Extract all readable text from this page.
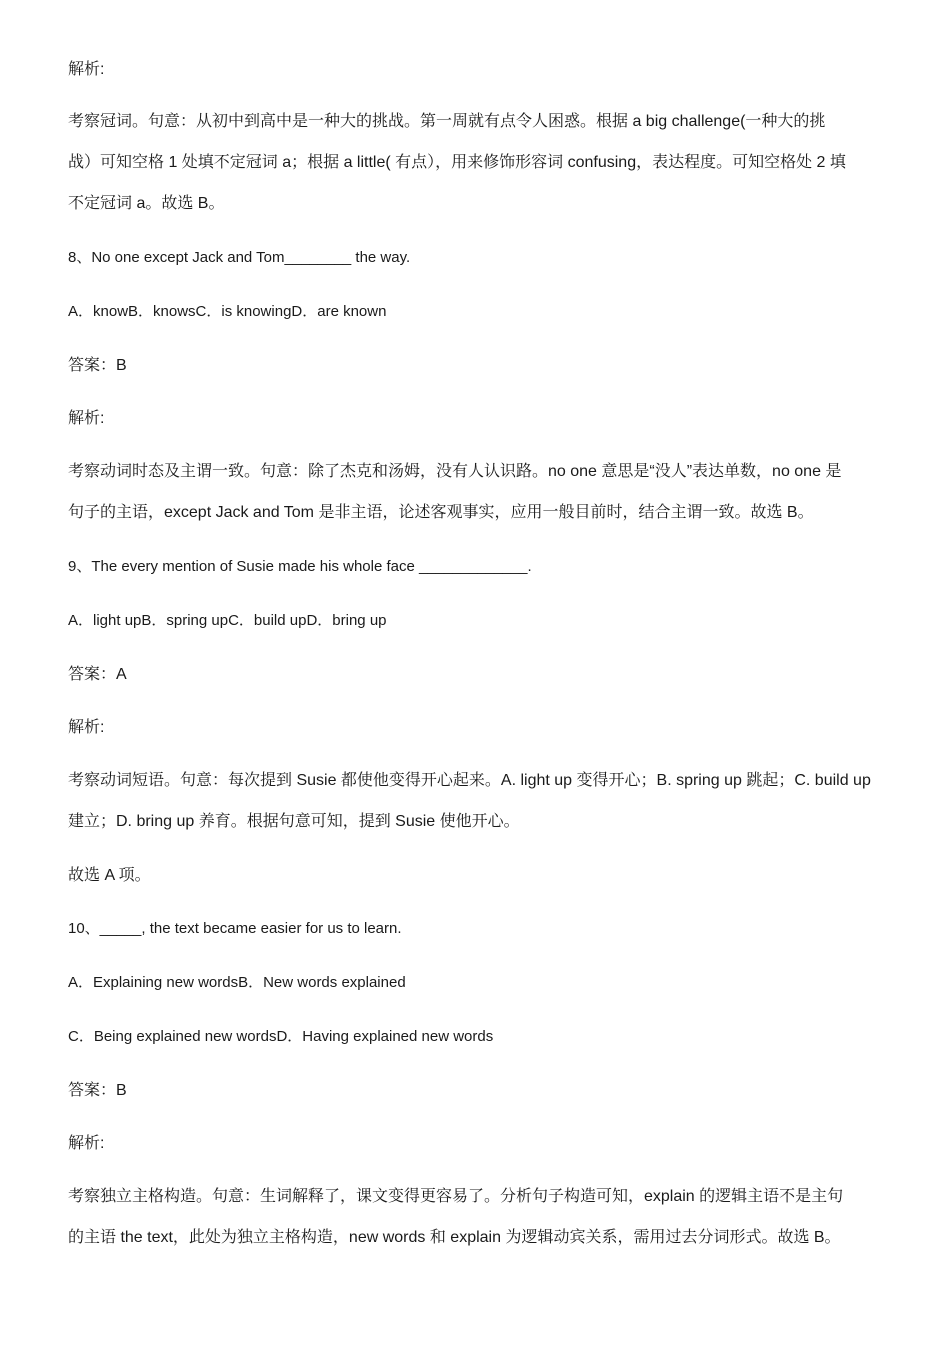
解析:
考察冠词。句意：从初中到高中是一种大的挑战。第一周就有点令人困惑。根据 a big challenge(一种大的挑
战）可知空格 1 处填不定冠词 a；根据 a little( 有点），用来修饰形容词 confusing，表达程度。可知空格处 2 填
不定冠词 a。故选 B。
8、No one except Jack and Tom________ the way.
A．knowB．knowsC．is knowingD．are known
答案：B
解析:
考察动词时态及主谓一致。句意：除了杰克和汤姆，没有人认识路。no one 意思是“没人”表达单数，no one 是
句子的主语，except Jack and Tom 是非主语，论述客观事实，应用一般目前时，结合主谓一致。故选 B。
9、The every mention of Susie made his whole face _____________.
A．light upB．spring upC．build upD．bring up
答案：A
解析:
考察动词短语。句意：每次提到 Susie 都使他变得开心起来。A. light up 变得开心；B. spring up 跳起；C. build up
建立；D. bring up 养育。根据句意可知，提到 Susie 使他开心。
故选 A 项。
10、_____, the text became easier for us to learn.
A．Explaining new wordsB．New words explained
C．Being explained new wordsD．Having explained new words
答案：B
解析:
考察独立主格构造。句意：生词解释了，课文变得更容易了。分析句子构造可知，explain 的逻辑主语不是主句
的主语 the text，此处为独立主格构造，new words 和 explain 为逻辑动宾关系，需用过去分词形式。故选 B。
